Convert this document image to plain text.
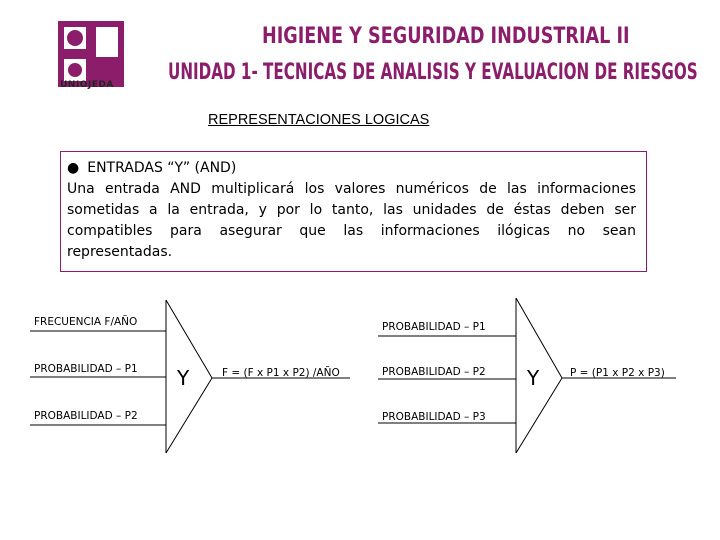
UNIOJEDA
HIGIENE Y SEGURIDAD INDUSTRIAL II
UNIDAD 1- TECNICAS DE ANALISIS Y EVALUACION DE RIESGOS
REPRESENTACIONES LOGICAS
● ENTRADAS “Y” (AND)
Una entrada AND multiplicará los valores numéricos de las informaciones sometidas a la entrada, y por lo tanto, las unidades de éstas deben ser compatibles para asegurar que las informaciones ilógicas no sean representadas.
FRECUENCIA F/AÑO
PROBABILIDAD – P1
PROBABILIDAD – P2
Y	F = (F x P1 x P2) /AÑO
PROBABILIDAD – P1
PROBABILIDAD – P2
PROBABILIDAD – P3
Y	P = (P1 x P2 x P3)
